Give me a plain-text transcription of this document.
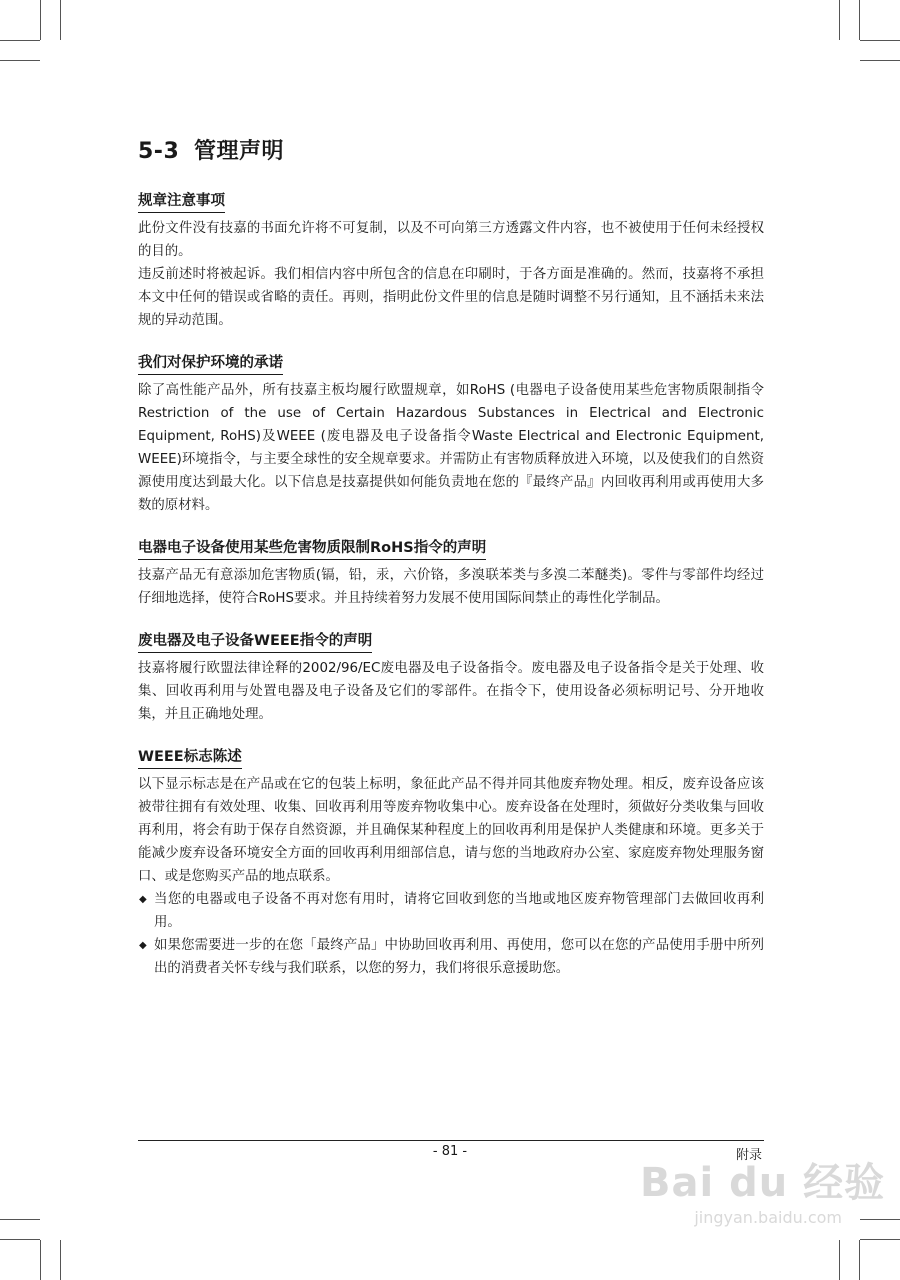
5-3 管理声明
规章注意事项

此份文件没有技嘉的书面允许将不可复制，以及不可向第三方透露文件内容，也不被使用于任何未经授权的目的。

违反前述时将被起诉。我们相信内容中所包含的信息在印刷时，于各方面是准确的。然而，技嘉将不承担本文中任何的错误或省略的责任。再则，指明此份文件里的信息是随时调整不另行通知，且不涵括未来法规的异动范围。

我们对保护环境的承诺

除了高性能产品外，所有技嘉主板均履行欧盟规章，如RoHS (电器电子设备使用某些危害物质限制指令 Restriction of the use of Certain Hazardous Substances in Electrical and Electronic Equipment, RoHS)及WEEE (废电器及电子设备指令Waste Electrical and Electronic Equipment, WEEE)环境指令，与主要全球性的安全规章要求。并需防止有害物质释放进入环境，以及使我们的自然资源使用度达到最大化。以下信息是技嘉提供如何能负责地在您的『最终产品』内回收再利用或再使用大多数的原材料。

电器电子设备使用某些危害物质限制RoHS指令的声明

技嘉产品无有意添加危害物质(镉，铅，汞，六价铬，多溴联苯类与多溴二苯醚类)。零件与零部件均经过仔细地选择，使符合RoHS要求。并且持续着努力发展不使用国际间禁止的毒性化学制品。

废电器及电子设备WEEE指令的声明

技嘉将履行欧盟法律诠释的2002/96/EC废电器及电子设备指令。废电器及电子设备指令是关于处理、收集、回收再利用与处置电器及电子设备及它们的零部件。在指令下，使用设备必须标明记号、分开地收集，并且正确地处理。

WEEE标志陈述

以下显示标志是在产品或在它的包装上标明，象征此产品不得并同其他废弃物处理。相反，废弃设备应该被带往拥有有效处理、收集、回收再利用等废弃物收集中心。废弃设备在处理时，须做好分类收集与回收再利用，将会有助于保存自然资源，并且确保某种程度上的回收再利用是保护人类健康和环境。更多关于能减少废弃设备环境安全方面的回收再利用细部信息，请与您的当地政府办公室、家庭废弃物处理服务窗口、或是您购买产品的地点联系。

◆ 当您的电器或电子设备不再对您有用时，请将它回收到您的当地或地区废弃物管理部门去做回收再利用。
◆ 如果您需要进一步的在您「最终产品」中协助回收再利用、再使用，您可以在您的产品使用手册中所列出的消费者关怀专线与我们联系，以您的努力，我们将很乐意援助您。
- 81 -	附录
Bai du 经验
jingyan.baidu.com
